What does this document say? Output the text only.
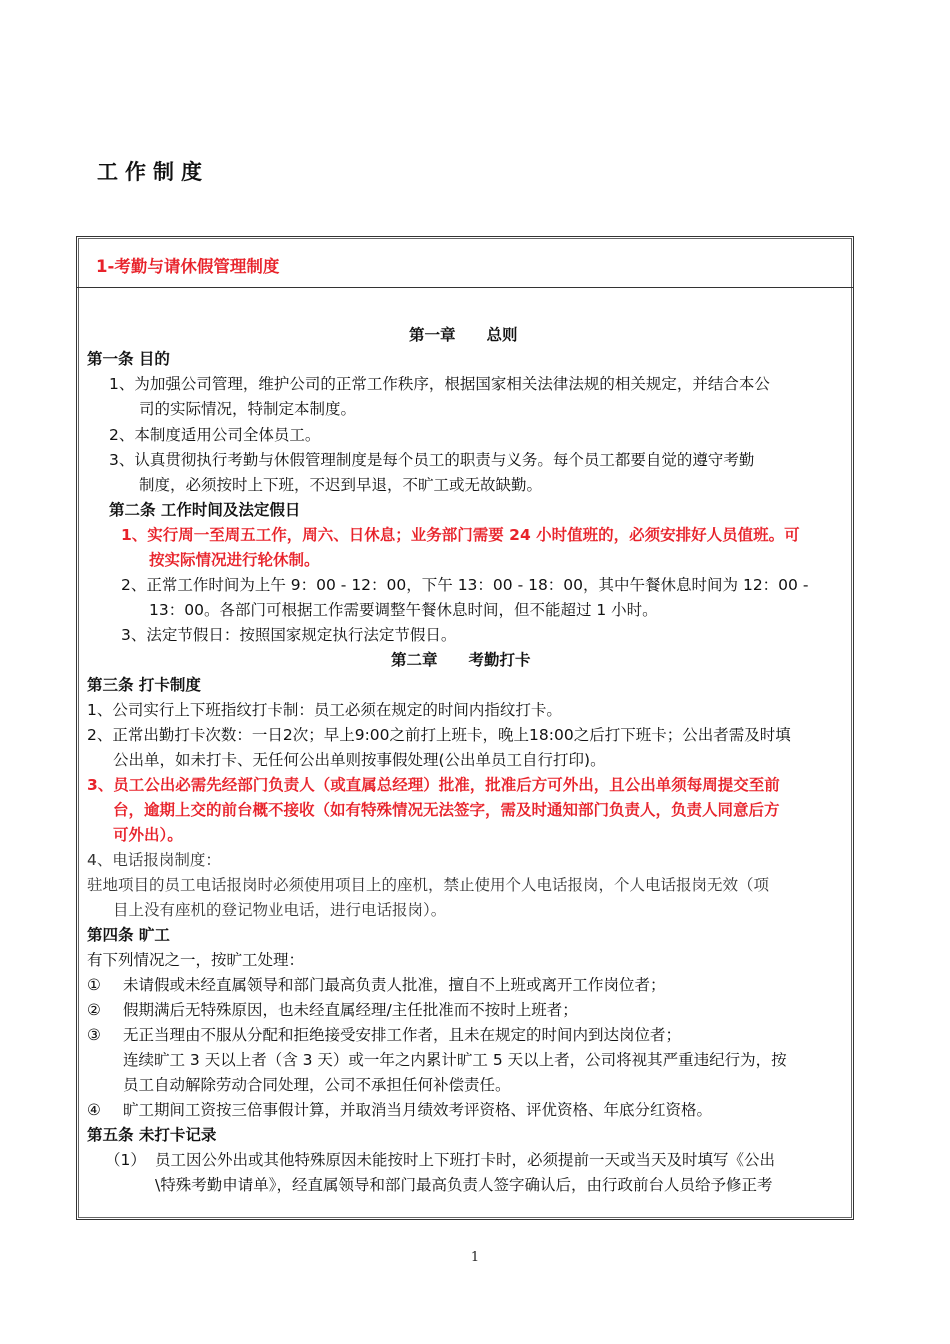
工作制度
1-考勤与请休假管理制度
第一章　　总则
第一条 目的
1、为加强公司管理，维护公司的正常工作秩序，根据国家相关法律法规的相关规定，并结合本公
司的实际情况，特制定本制度。
2、本制度适用公司全体员工。
3、认真贯彻执行考勤与休假管理制度是每个员工的职责与义务。每个员工都要自觉的遵守考勤
制度，必须按时上下班，不迟到早退，不旷工或无故缺勤。
第二条 工作时间及法定假日
1、实行周一至周五工作，周六、日休息；业务部门需要 24 小时值班的，必须安排好人员值班。可
按实际情况进行轮休制。
2、正常工作时间为上午 9：00 - 12：00，下午 13：00 - 18：00，其中午餐休息时间为 12：00 -
13：00。各部门可根据工作需要调整午餐休息时间，但不能超过 1 小时。
3、法定节假日：按照国家规定执行法定节假日。
第二章　　考勤打卡
第三条 打卡制度
1、公司实行上下班指纹打卡制：员工必须在规定的时间内指纹打卡。
2、正常出勤打卡次数：一日2次；早上9:00之前打上班卡，晚上18:00之后打下班卡；公出者需及时填
公出单，如未打卡、无任何公出单则按事假处理(公出单员工自行打印)。
3、员工公出必需先经部门负责人（或直属总经理）批准，批准后方可外出，且公出单须每周提交至前
台，逾期上交的前台概不接收（如有特殊情况无法签字，需及时通知部门负责人，负责人同意后方
可外出）。
4、电话报岗制度：
驻地项目的员工电话报岗时必须使用项目上的座机，禁止使用个人电话报岗，个人电话报岗无效（项
目上没有座机的登记物业电话，进行电话报岗）。
第四条 旷工
有下列情况之一，按旷工处理：
① 未请假或未经直属领导和部门最高负责人批准，擅自不上班或离开工作岗位者；
② 假期满后无特殊原因，也未经直属经理/主任批准而不按时上班者；
③ 无正当理由不服从分配和拒绝接受安排工作者，且未在规定的时间内到达岗位者；
连续旷工 3 天以上者（含 3 天）或一年之内累计旷工 5 天以上者，公司将视其严重违纪行为，按
员工自动解除劳动合同处理，公司不承担任何补偿责任。
④ 旷工期间工资按三倍事假计算，并取消当月绩效考评资格、评优资格、年底分红资格。
第五条 未打卡记录
（1） 员工因公外出或其他特殊原因未能按时上下班打卡时，必须提前一天或当天及时填写《公出
\特殊考勤申请单》，经直属领导和部门最高负责人签字确认后，由行政前台人员给予修正考
1
